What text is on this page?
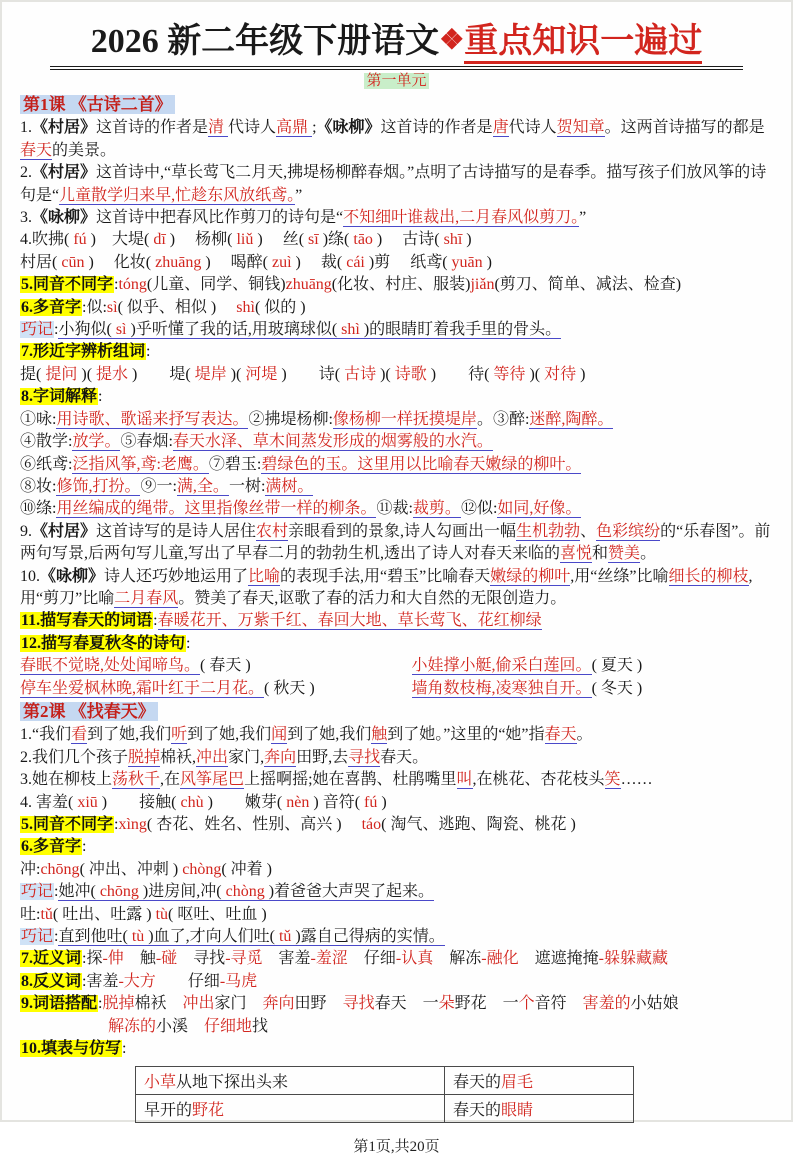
2026 新二年级下册语文❖重点知识一遍过
第一单元
第1课 《古诗二首》
1.《村居》这首诗的作者是清 代诗人高鼎 ;《咏柳》这首诗的作者是唐代诗人贺知章。这两首诗描写的都是春天的美景。
2.《村居》这首诗中,“草长莺飞二月天,拂堤杨柳醉春烟。”点明了古诗描写的是春季。描写孩子们放风筝的诗句是“儿童散学归来早,忙趁东风放纸鸢。”
3.《咏柳》这首诗中把春风比作剪刀的诗句是“不知细叶谁裁出,二月春风似剪刀。”
4.吹拂( fú )　大堤( dī )　 杨柳( liǔ )　 丝( sī )绦( tāo )　 古诗( shī )
村居( cūn )　 化妆( zhuāng )　 喝醉( zuì )　 裁( cái )剪　 纸鸢( yuān )
5.同音不同字:tóng(儿童、同学、铜钱)zhuāng(化妆、村庄、服装)jiǎn(剪刀、简单、减法、检查)
6.多音字:似:sì( 似乎、相似 )　 shì( 似的 )
巧记:小狗似( sì )乎听懂了我的话,用玻璃球似( shì )的眼睛盯着我手里的骨头。
7.形近字辨析组词:
提( 提问 )( 提水 )　　堤( 堤岸 )( 河堤 )　　诗( 古诗 )( 诗歌 )　　待( 等待 )( 对待 )
8.字词解释:
①咏:用诗歌、歌谣来抒写表达。②拂堤杨柳:像杨柳一样抚摸堤岸。③醉:迷醉,陶醉。
④散学:放学。⑤春烟:春天水泽、草木间蒸发形成的烟雾般的水汽。
⑥纸鸢:泛指风筝,鸢:老鹰。⑦碧玉:碧绿色的玉。这里用以比喻春天嫩绿的柳叶。
⑧妆:修饰,打扮。⑨一:满,全。一树:满树。
⑩绦:用丝编成的绳带。这里指像丝带一样的柳条。⑪裁:裁剪。⑫似:如同,好像。
9.《村居》这首诗写的是诗人居住农村亲眼看到的景象,诗人勾画出一幅生机勃勃、色彩缤纷的“乐春图”。前两句写景,后两句写儿童,写出了早春二月的勃勃生机,透出了诗人对春天来临的喜悦和赞美。
10.《咏柳》诗人还巧妙地运用了比喻的表现手法,用“碧玉”比喻春天嫩绿的柳叶,用“丝绦”比喻细长的柳枝,用“剪刀”比喻二月春风。赞美了春天,讴歌了春的活力和大自然的无限创造力。
11.描写春天的词语:春暖花开、万紫千红、春回大地、草长莺飞、花红柳绿
12.描写春夏秋冬的诗句:
春眠不觉晓,处处闻啼鸟。( 春天 )	小娃撑小艇,偷采白莲回。( 夏天 )
停车坐爱枫林晚,霜叶红于二月花。( 秋天 )	墙角数枝梅,凌寒独自开。( 冬天 )
第2课 《找春天》
1.“我们看到了她,我们听到了她,我们闻到了她,我们触到了她。”这里的“她”指春天。
2.我们几个孩子脱掉棉袄,冲出家门,奔向田野,去寻找春天。
3.她在柳枝上荡秋千,在风筝尾巴上摇啊摇;她在喜鹊、杜鹃嘴里叫,在桃花、杏花枝头笑……
4. 害羞( xiū )　　接触( chù )　　嫩芽( nèn ) 音符( fú )
5.同音不同字:xìng( 杏花、姓名、性别、高兴 )　 táo( 淘气、逃跑、陶瓷、桃花 )
6.多音字:
冲:chōng( 冲出、冲刺 ) chòng( 冲着 )
巧记:她冲( chōng )进房间,冲( chòng )着爸爸大声哭了起来。
吐:tǔ( 吐出、吐露 ) tù( 呕吐、吐血 )
巧记:直到他吐( tù )血了,才向人们吐( tǔ )露自己得病的实情。
7.近义词:探-伸　触-碰　寻找-寻觅　害羞-羞涩　仔细-认真　解冻-融化　遮遮掩掩-躲躲藏藏
8.反义词:害羞-大方　　仔细-马虎
9.词语搭配:脱掉棉袄　冲出家门　奔向田野　寻找春天　一朵野花　一个音符　害羞的小姑娘
解冻的小溪　仔细地找
10.填表与仿写:
小草从地下探出头来	春天的眉毛
早开的野花	春天的眼睛
第1页,共20页
